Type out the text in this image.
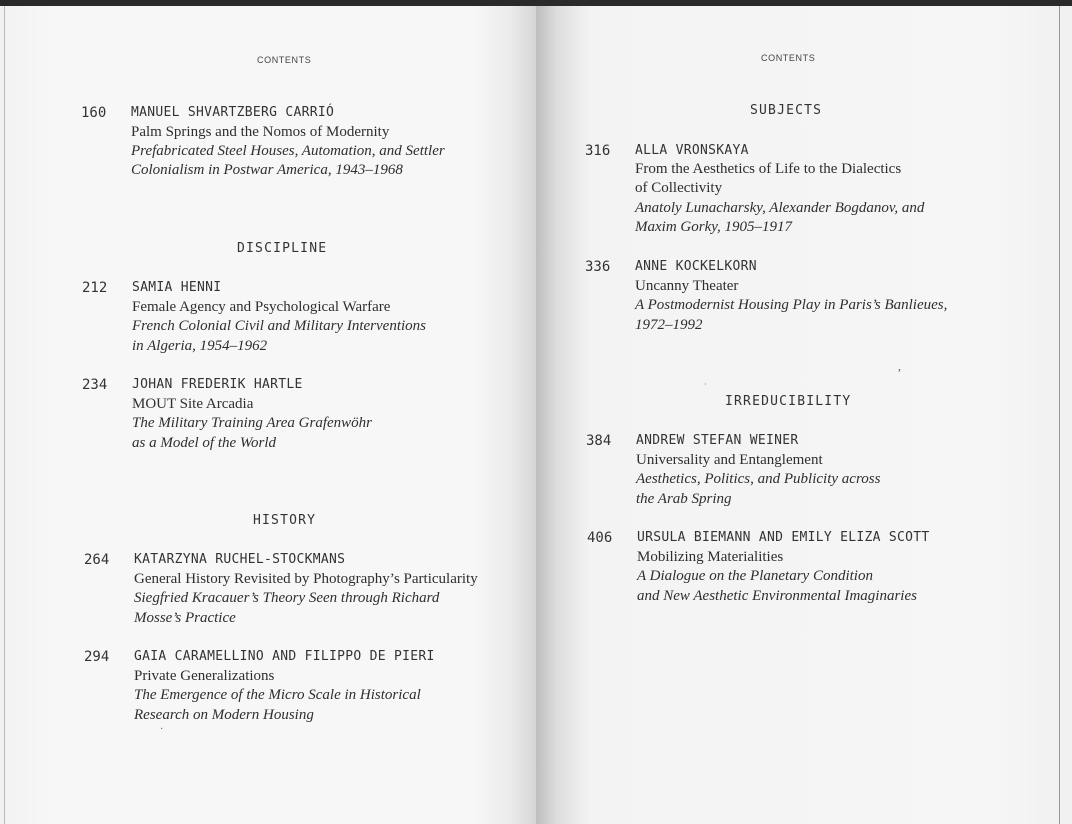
CONTENTS
160 MANUEL SHVARTZBERG CARRIÓ
Palm Springs and the Nomos of Modernity
Prefabricated Steel Houses, Automation, and Settler
Colonialism in Postwar America, 1943–1968
DISCIPLINE
212 SAMIA HENNI
Female Agency and Psychological Warfare
French Colonial Civil and Military Interventions
in Algeria, 1954–1962
234 JOHAN FREDERIK HARTLE
MOUT Site Arcadia
The Military Training Area Grafenwöhr
as a Model of the World
HISTORY
264 KATARZYNA RUCHEL-STOCKMANS
General History Revisited by Photography’s Particularity
Siegfried Kracauer’s Theory Seen through Richard
Mosse’s Practice
294 GAIA CARAMELLINO AND FILIPPO DE PIERI
Private Generalizations
The Emergence of the Micro Scale in Historical
Research on Modern Housing
·
CONTENTS
SUBJECTS
316 ALLA VRONSKAYA
From the Aesthetics of Life to the Dialectics
of Collectivity
Anatoly Lunacharsky, Alexander Bogdanov, and
Maxim Gorky, 1905–1917
336 ANNE KOCKELKORN
Uncanny Theater
A Postmodernist Housing Play in Paris’s Banlieues,
1972–1992
,
·
IRREDUCIBILITY
384 ANDREW STEFAN WEINER
Universality and Entanglement
Aesthetics, Politics, and Publicity across
the Arab Spring
406 URSULA BIEMANN AND EMILY ELIZA SCOTT
Mobilizing Materialities
A Dialogue on the Planetary Condition
and New Aesthetic Environmental Imaginaries
